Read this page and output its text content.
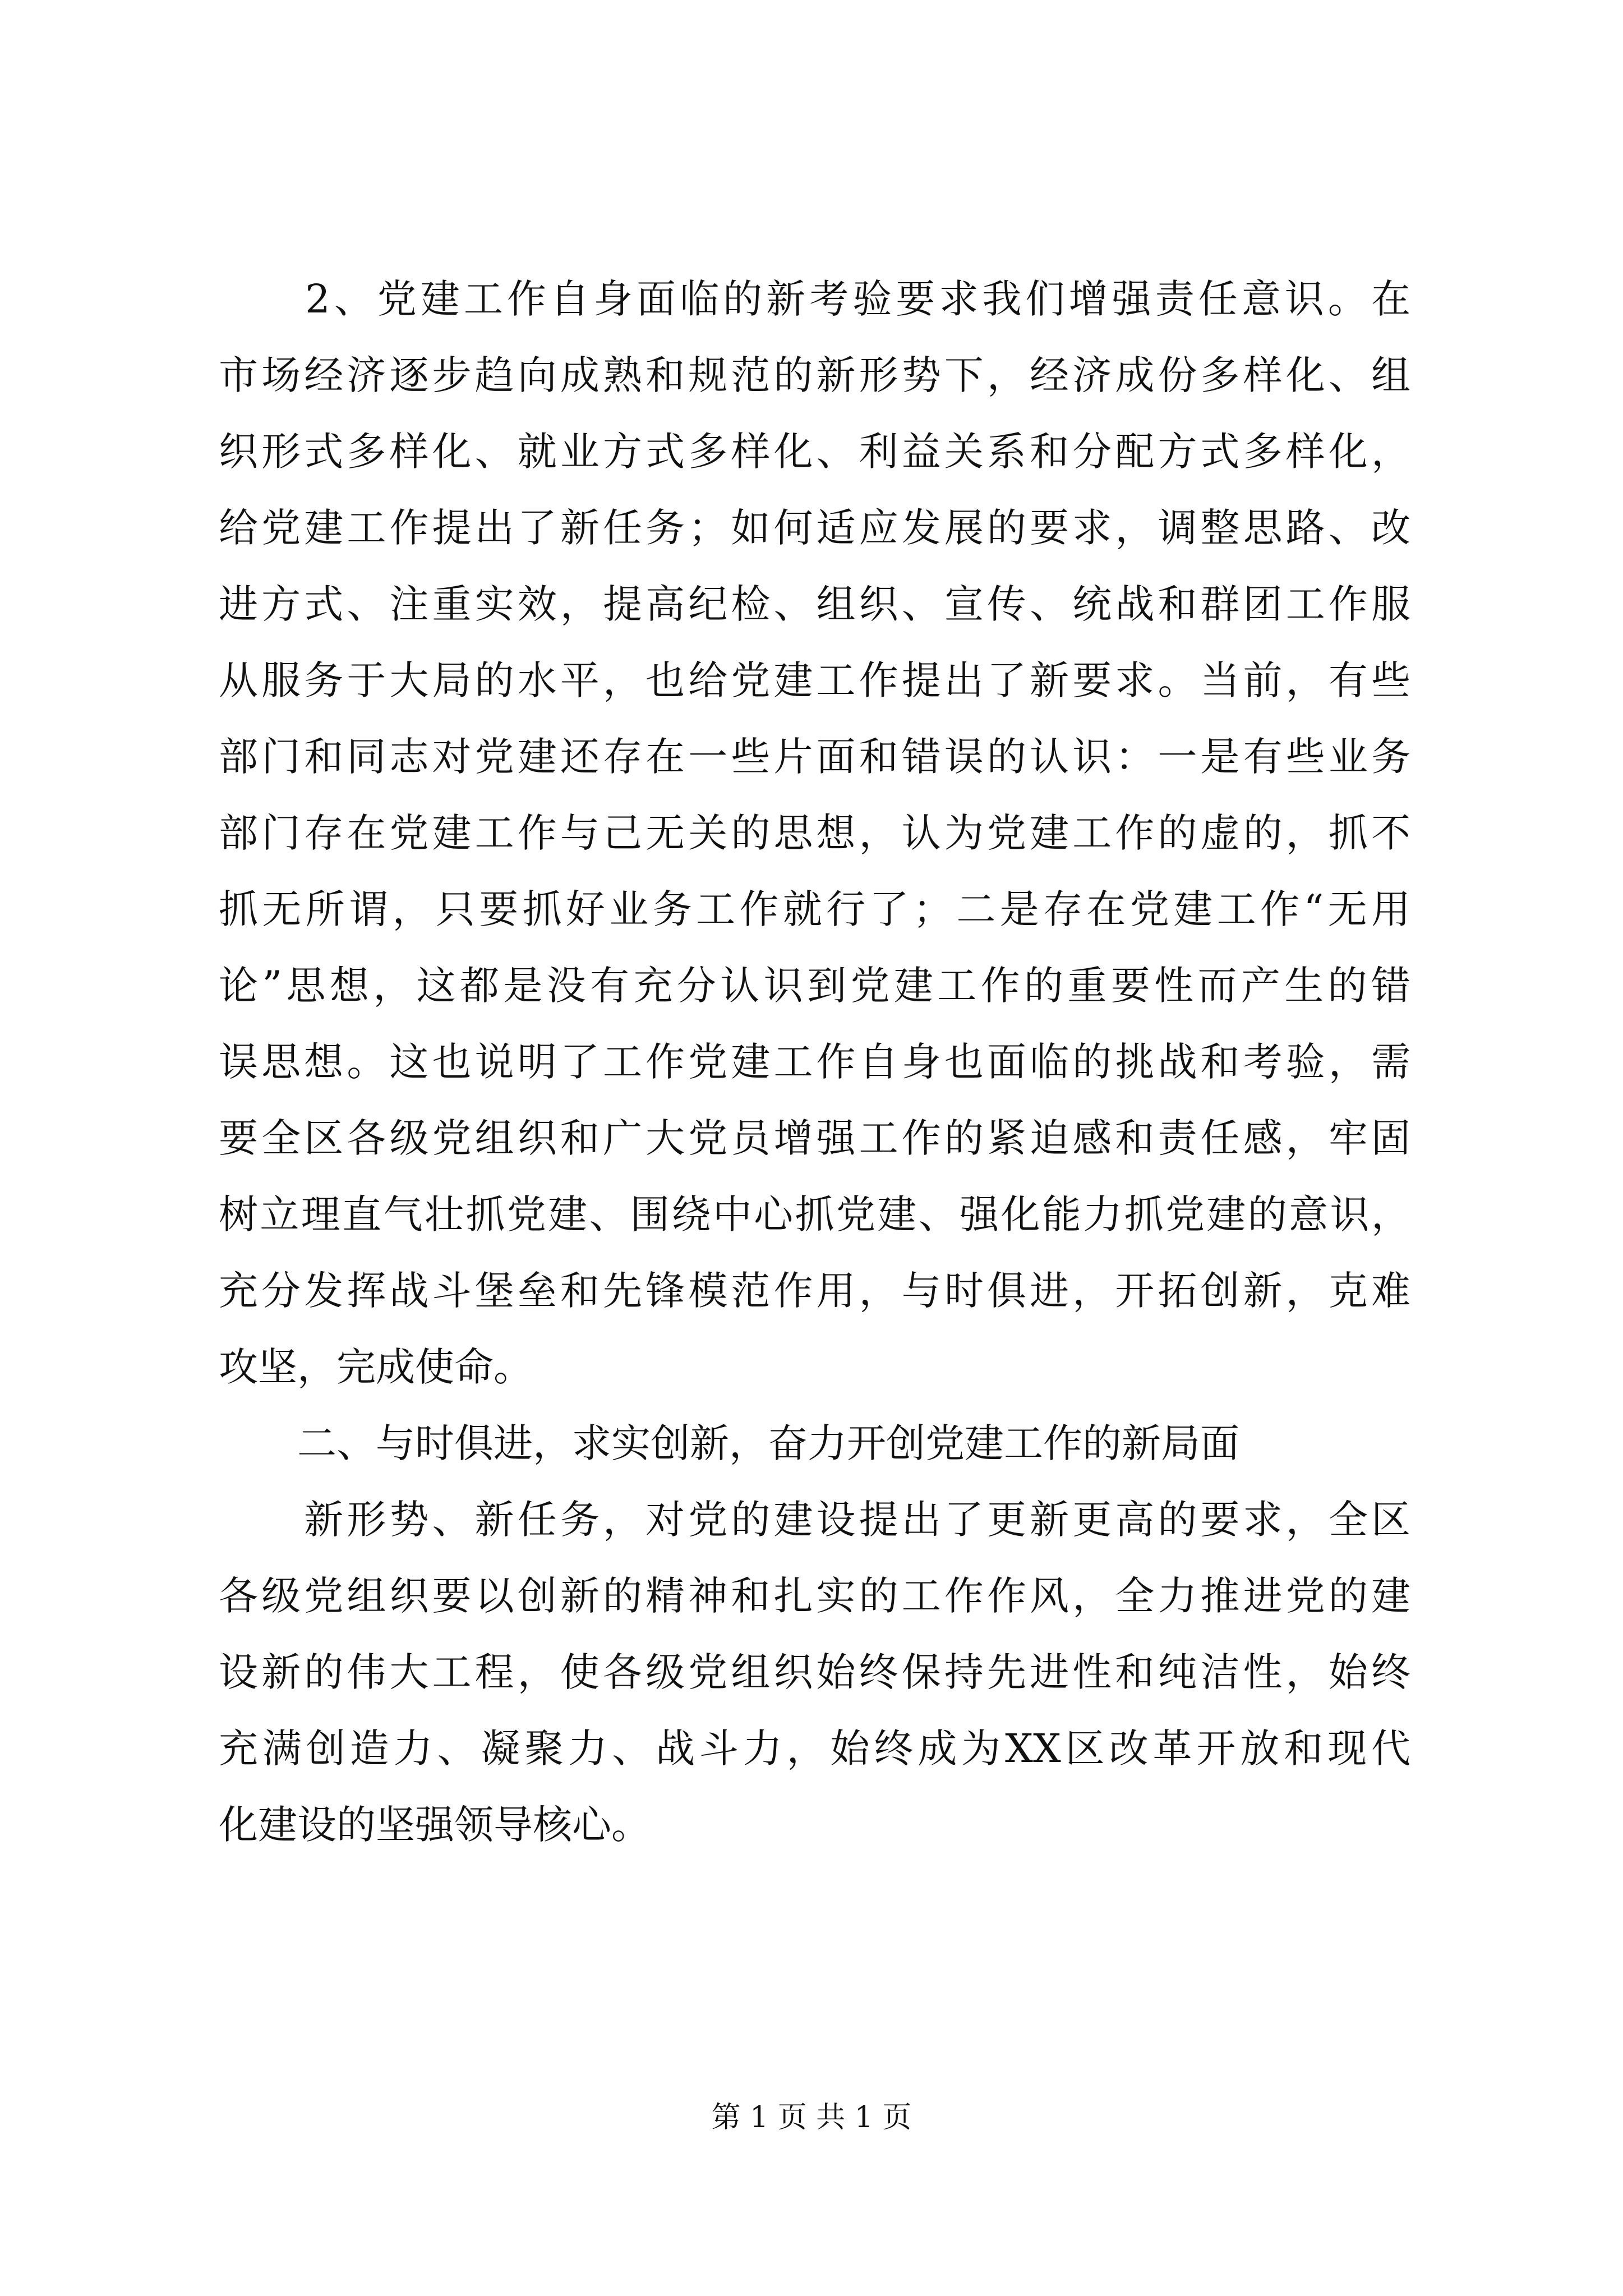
　　2、党建工作自身面临的新考验要求我们增强责任意识。在
市场经济逐步趋向成熟和规范的新形势下，经济成份多样化、组
织形式多样化、就业方式多样化、利益关系和分配方式多样化，
给党建工作提出了新任务；如何适应发展的要求，调整思路、改
进方式、注重实效，提高纪检、组织、宣传、统战和群团工作服
从服务于大局的水平，也给党建工作提出了新要求。当前，有些
部门和同志对党建还存在一些片面和错误的认识：一是有些业务
部门存在党建工作与己无关的思想，认为党建工作的虚的，抓不
抓无所谓，只要抓好业务工作就行了；二是存在党建工作“无用
论”思想，这都是没有充分认识到党建工作的重要性而产生的错
误思想。这也说明了工作党建工作自身也面临的挑战和考验，需
要全区各级党组织和广大党员增强工作的紧迫感和责任感，牢固
树立理直气壮抓党建、围绕中心抓党建、强化能力抓党建的意识，
充分发挥战斗堡垒和先锋模范作用，与时俱进，开拓创新，克难
攻坚，完成使命。
　　二、与时俱进，求实创新，奋力开创党建工作的新局面
　　新形势、新任务，对党的建设提出了更新更高的要求，全区
各级党组织要以创新的精神和扎实的工作作风，全力推进党的建
设新的伟大工程，使各级党组织始终保持先进性和纯洁性，始终
充满创造力、凝聚力、战斗力，始终成为XX区改革开放和现代
化建设的坚强领导核心。
第 1 页 共 1 页
